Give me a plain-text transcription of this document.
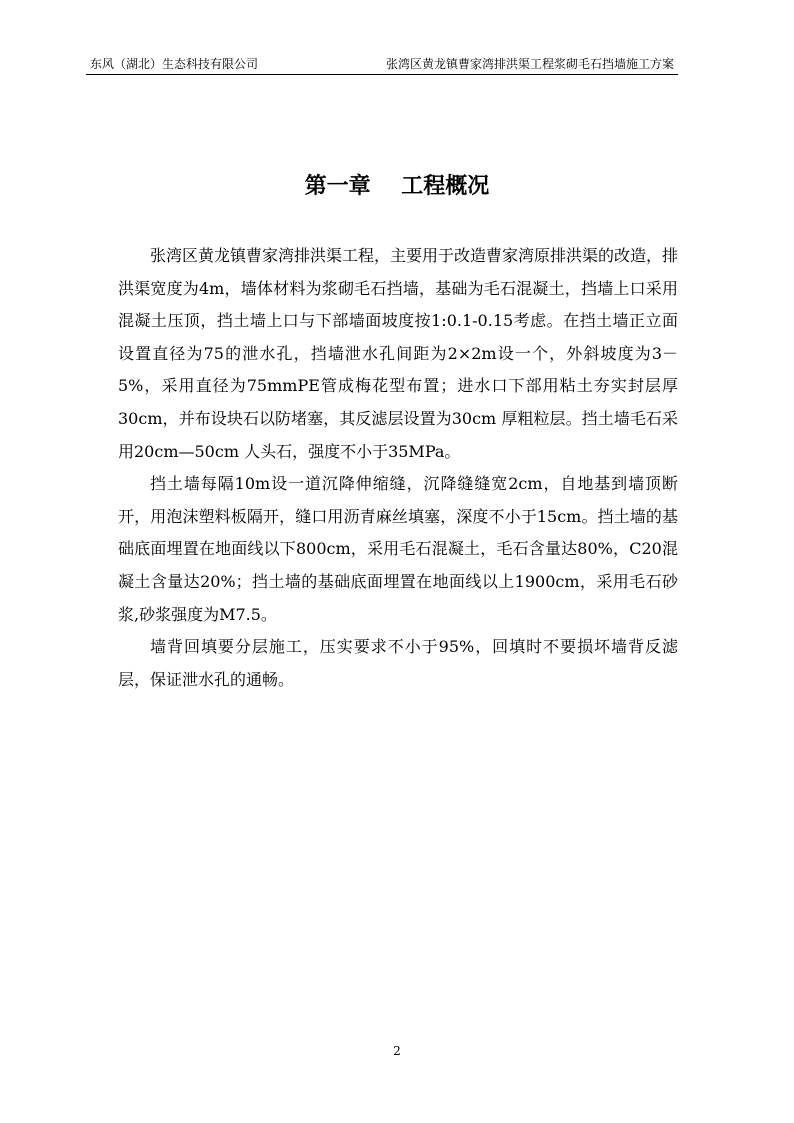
东风（湖北）生态科技有限公司	张湾区黄龙镇曹家湾排洪渠工程浆砌毛石挡墙施工方案
第一章    工程概况

张湾区黄龙镇曹家湾排洪渠工程，主要用于改造曹家湾原排洪渠的改造，排洪渠宽度为4m，墙体材料为浆砌毛石挡墙，基础为毛石混凝土，挡墙上口采用混凝土压顶，挡土墙上口与下部墙面坡度按1:0.1-0.15考虑。在挡土墙正立面设置直径为75的泄水孔，挡墙泄水孔间距为2×2m设一个，外斜坡度为3－5%，采用直径为75mmPE管成梅花型布置；进水口下部用粘土夯实封层厚30cm，并布设块石以防堵塞，其反滤层设置为30cm 厚粗粒层。挡土墙毛石采用20cm—50cm 人头石，强度不小于35MPa。

挡土墙每隔10m设一道沉降伸缩缝，沉降缝缝宽2cm，自地基到墙顶断开，用泡沫塑料板隔开，缝口用沥青麻丝填塞，深度不小于15cm。挡土墙的基础底面埋置在地面线以下800cm，采用毛石混凝土，毛石含量达80%，C20混凝土含量达20%；挡土墙的基础底面埋置在地面线以上1900cm，采用毛石砂浆,砂浆强度为M7.5。

墙背回填要分层施工，压实要求不小于95%，回填时不要损坏墙背反滤层，保证泄水孔的通畅。

2
